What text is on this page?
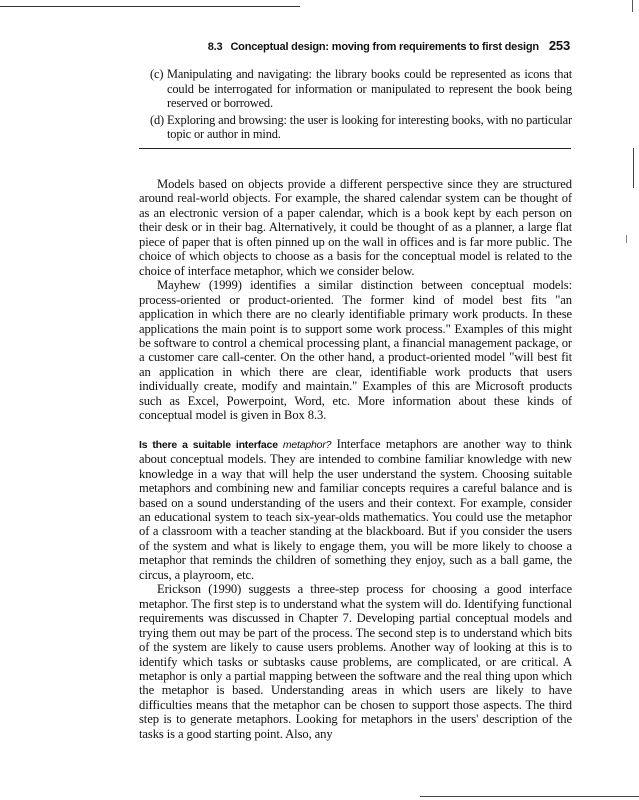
8.3 Conceptual design: moving from requirements to first design 253
(c) Manipulating and navigating: the library books could be represented as icons that could be interrogated for information or manipulated to represent the book being reserved or borrowed.
(d) Exploring and browsing: the user is looking for interesting books, with no particular topic or author in mind.

Models based on objects provide a different perspective since they are structured around real-world objects. For example, the shared calendar system can be thought of as an electronic version of a paper calendar, which is a book kept by each person on their desk or in their bag. Alternatively, it could be thought of as a planner, a large flat piece of paper that is often pinned up on the wall in offices and is far more public. The choice of which objects to choose as a basis for the conceptual model is related to the choice of interface metaphor, which we consider below.

Mayhew (1999) identifies a similar distinction between conceptual models: process-oriented or product-oriented. The former kind of model best fits "an application in which there are no clearly identifiable primary work products. In these applications the main point is to support some work process." Examples of this might be software to control a chemical processing plant, a financial management package, or a customer care call-center. On the other hand, a product-oriented model "will best fit an application in which there are clear, identifiable work products that users individually create, modify and maintain." Examples of this are Microsoft products such as Excel, Powerpoint, Word, etc. More information about these kinds of conceptual model is given in Box 8.3.

Is there a suitable interface metaphor? Interface metaphors are another way to think about conceptual models. They are intended to combine familiar knowledge with new knowledge in a way that will help the user understand the system. Choosing suitable metaphors and combining new and familiar concepts requires a careful balance and is based on a sound understanding of the users and their context. For example, consider an educational system to teach six-year-olds mathematics. You could use the metaphor of a classroom with a teacher standing at the blackboard. But if you consider the users of the system and what is likely to engage them, you will be more likely to choose a metaphor that reminds the children of something they enjoy, such as a ball game, the circus, a playroom, etc.

Erickson (1990) suggests a three-step process for choosing a good interface metaphor. The first step is to understand what the system will do. Identifying functional requirements was discussed in Chapter 7. Developing partial conceptual models and trying them out may be part of the process. The second step is to understand which bits of the system are likely to cause users problems. Another way of looking at this is to identify which tasks or subtasks cause problems, are complicated, or are critical. A metaphor is only a partial mapping between the software and the real thing upon which the metaphor is based. Understanding areas in which users are likely to have difficulties means that the metaphor can be chosen to support those aspects. The third step is to generate metaphors. Looking for metaphors in the users' description of the tasks is a good starting point. Also, any
